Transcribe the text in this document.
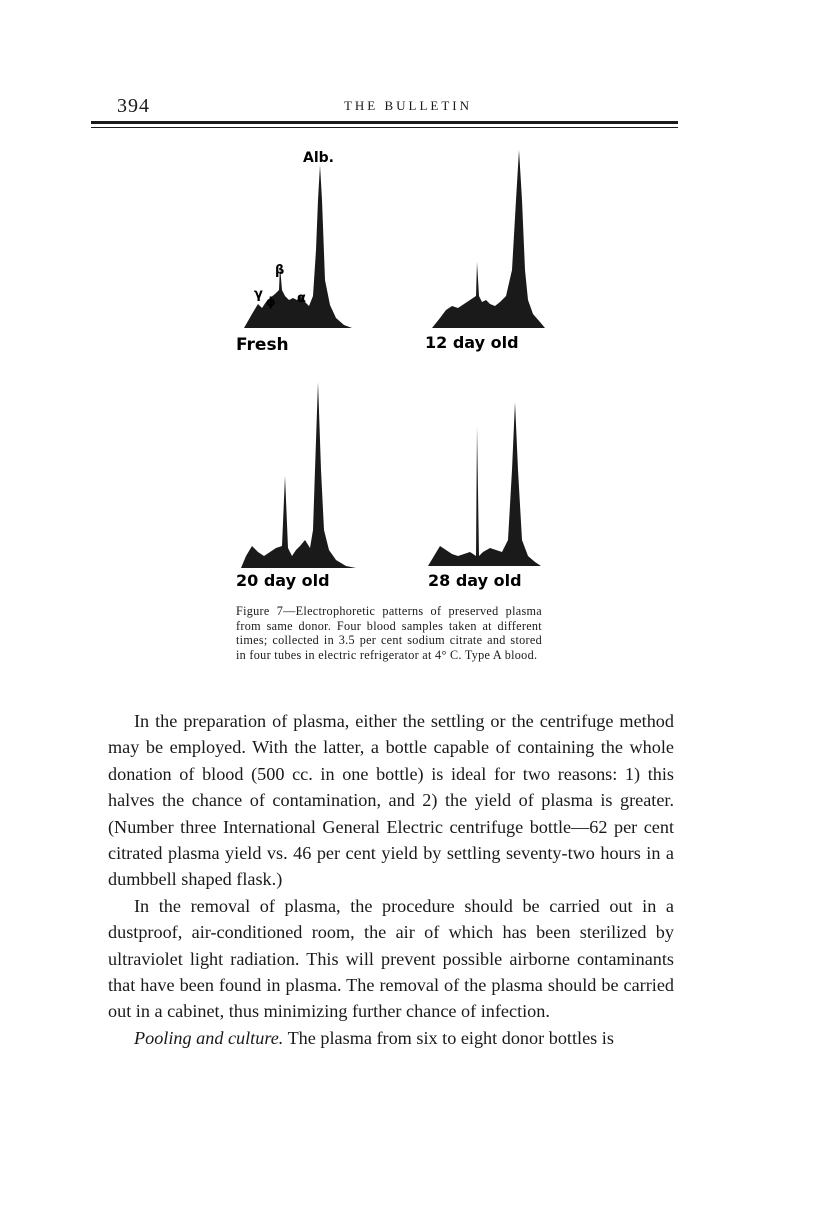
394	THE BULLETIN
Alb.
β
γ ϕ α
Fresh	12 day old
20 day old	28 day old
Figure 7—Electrophoretic patterns of preserved plasma from same donor. Four blood samples taken at different times; collected in 3.5 per cent sodium citrate and stored in four tubes in electric refrigerator at 4° C. Type A blood.

In the preparation of plasma, either the settling or the centrifuge method may be employed. With the latter, a bottle capable of containing the whole donation of blood (500 cc. in one bottle) is ideal for two reasons: 1) this halves the chance of contamination, and 2) the yield of plasma is greater. (Number three International General Electric centrifuge bottle—62 per cent citrated plasma yield vs. 46 per cent yield by settling seventy-two hours in a dumbbell shaped flask.)

In the removal of plasma, the procedure should be carried out in a dustproof, air-conditioned room, the air of which has been sterilized by ultraviolet light radiation. This will prevent possible airborne contaminants that have been found in plasma. The removal of the plasma should be carried out in a cabinet, thus minimizing further chance of infection.

Pooling and culture. The plasma from six to eight donor bottles is
